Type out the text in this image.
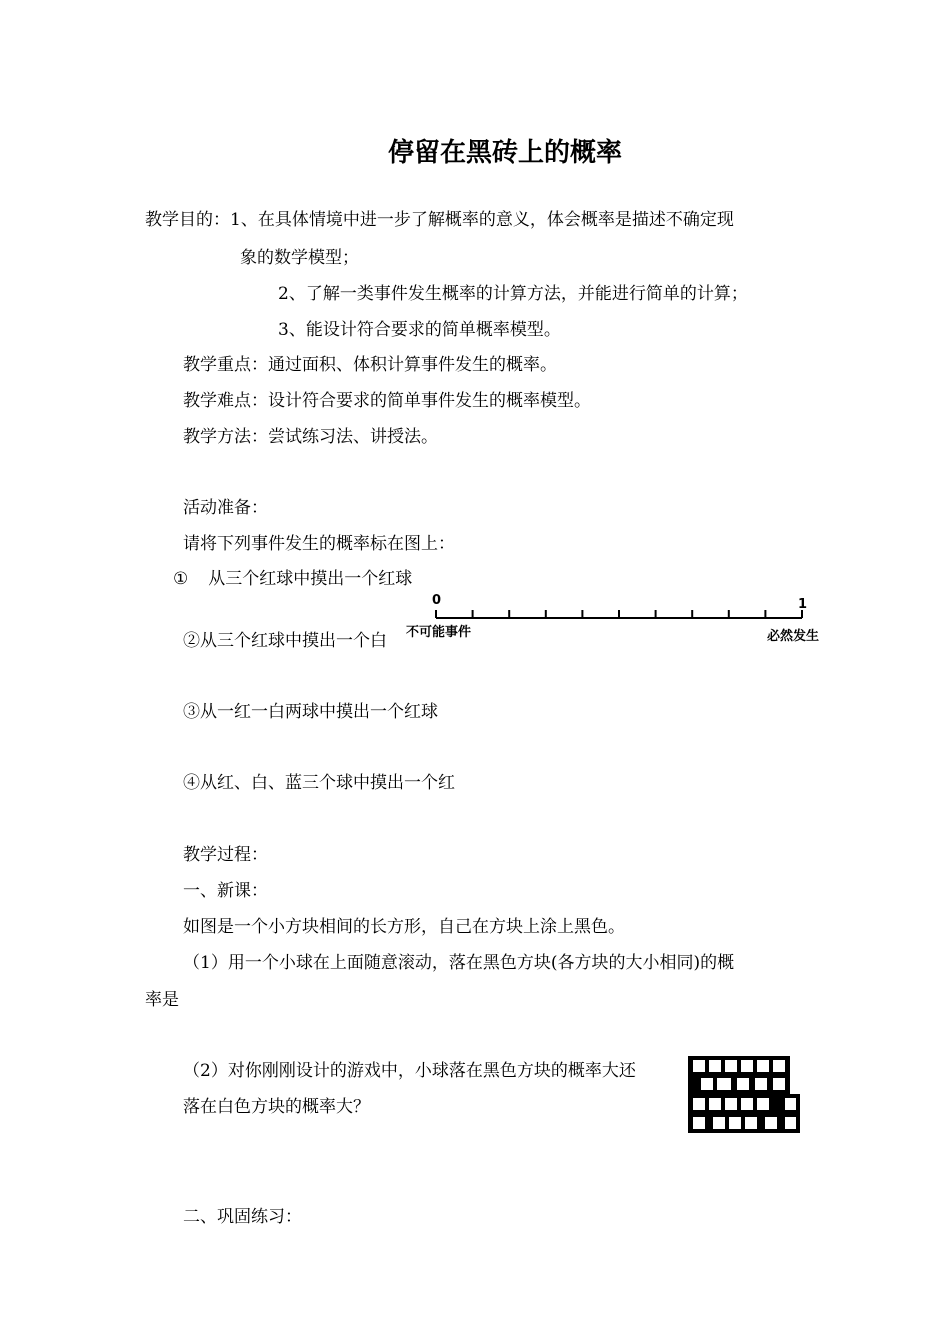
停留在黑砖上的概率
教学目的：1、在具体情境中进一步了解概率的意义，体会概率是描述不确定现
象的数学模型；
2、了解一类事件发生概率的计算方法，并能进行简单的计算；
3、能设计符合要求的简单概率模型。
教学重点：通过面积、体积计算事件发生的概率。
教学难点：设计符合要求的简单事件发生的概率模型。
教学方法：尝试练习法、讲授法。
活动准备：
请将下列事件发生的概率标在图上：
① 从三个红球中摸出一个红球
②从三个红球中摸出一个白
③从一红一白两球中摸出一个红球
④从红、白、蓝三个球中摸出一个红
0	1
不可能事件	必然发生
教学过程：
一、新课：
如图是一个小方块相间的长方形，自己在方块上涂上黑色。
（1）用一个小球在上面随意滚动，落在黑色方块(各方块的大小相同)的概
率是
（2）对你刚刚设计的游戏中，小球落在黑色方块的概率大还
落在白色方块的概率大？
二、巩固练习：
